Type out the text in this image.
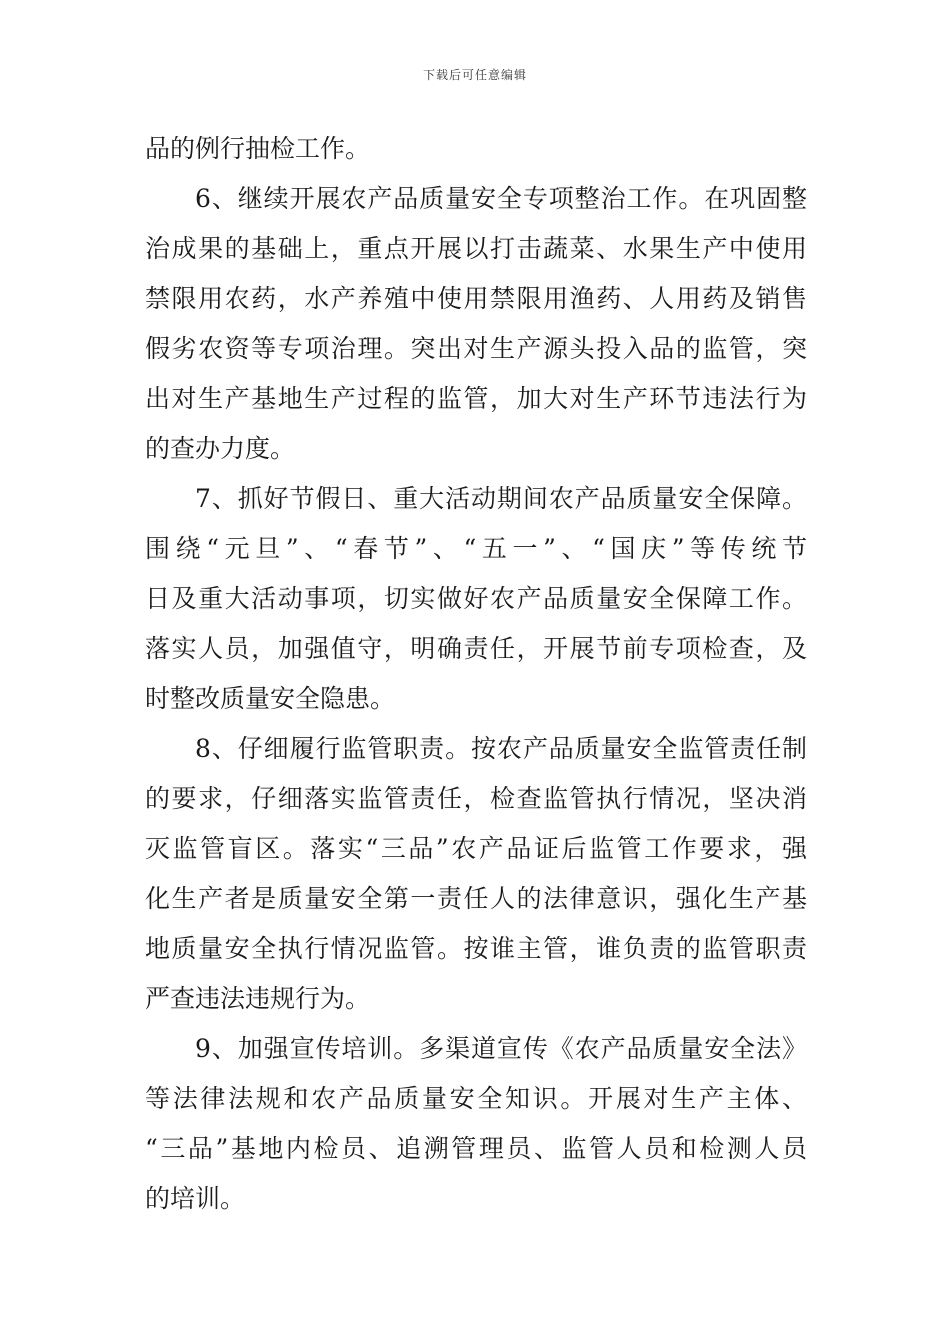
下载后可任意编辑
品的例行抽检工作。
6、继续开展农产品质量安全专项整治工作。在巩固整
治成果的基础上，重点开展以打击蔬菜、水果生产中使用
禁限用农药，水产养殖中使用禁限用渔药、人用药及销售
假劣农资等专项治理。突出对生产源头投入品的监管，突
出对生产基地生产过程的监管，加大对生产环节违法行为
的查办力度。
7、抓好节假日、重大活动期间农产品质量安全保障。
围绕“元旦”、“春节”、“五一”、“国庆”等传统节
日及重大活动事项，切实做好农产品质量安全保障工作。
落实人员，加强值守，明确责任，开展节前专项检查，及
时整改质量安全隐患。
8、仔细履行监管职责。按农产品质量安全监管责任制
的要求，仔细落实监管责任，检查监管执行情况，坚决消
灭监管盲区。落实“三品”农产品证后监管工作要求，强
化生产者是质量安全第一责任人的法律意识，强化生产基
地质量安全执行情况监管。按谁主管，谁负责的监管职责
严查违法违规行为。
9、加强宣传培训。多渠道宣传《农产品质量安全法》
等法律法规和农产品质量安全知识。开展对生产主体、
“三品”基地内检员、追溯管理员、监管人员和检测人员
的培训。
